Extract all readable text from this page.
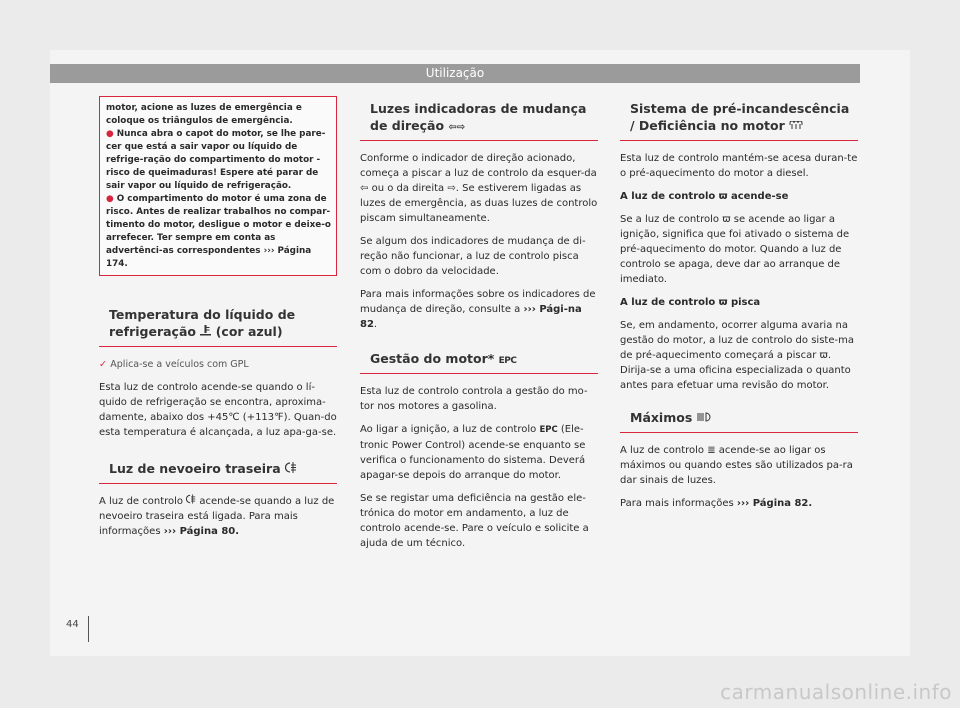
Utilização
motor, acione as luzes de emergência e coloque os triângulos de emergência.
● Nunca abra o capot do motor, se lhe pare-cer que está a sair vapor ou líquido de refrige-ração do compartimento do motor - risco de queimaduras! Espere até parar de sair vapor ou líquido de refrigeração.
● O compartimento do motor é uma zona de risco. Antes de realizar trabalhos no compar-timento do motor, desligue o motor e deixe-o arrefecer. Ter sempre em conta as advertênci-as correspondentes ››› Página 174.
Temperatura do líquido de refrigeração (cor azul)

✓ Aplica-se a veículos com GPL

Esta luz de controlo acende-se quando o lí-quido de refrigeração se encontra, aproxima-damente, abaixo dos +45℃ (+113℉). Quan-do esta temperatura é alcançada, a luz apa-ga-se.

Luz de nevoeiro traseira

A luz de controlo acende-se quando a luz de nevoeiro traseira está ligada. Para mais informações ››› Página 80.

Luzes indicadoras de mudança de direção ⇦⇨

Conforme o indicador de direção acionado, começa a piscar a luz de controlo da esquer-da ⇦ ou o da direita ⇨. Se estiverem ligadas as luzes de emergência, as duas luzes de controlo piscam simultaneamente.

Se algum dos indicadores de mudança de di-reção não funcionar, a luz de controlo pisca com o dobro da velocidade.

Para mais informações sobre os indicadores de mudança de direção, consulte a ››› Pági-na 82.

Gestão do motor* EPC

Esta luz de controlo controla a gestão do mo-tor nos motores a gasolina.

Ao ligar a ignição, a luz de controlo EPC (Ele-tronic Power Control) acende-se enquanto se verifica o funcionamento do sistema. Deverá apagar-se depois do arranque do motor.

Se se registar uma deficiência na gestão ele-trónica do motor em andamento, a luz de controlo acende-se. Pare o veículo e solicite a ajuda de um técnico.

Sistema de pré-incandescência / Deficiência no motor

Esta luz de controlo mantém-se acesa duran-te o pré-aquecimento do motor a diesel.

A luz de controlo ϖ acende-se

Se a luz de controlo ϖ se acende ao ligar a ignição, significa que foi ativado o sistema de pré-aquecimento do motor. Quando a luz de controlo se apaga, deve dar ao arranque de imediato.

A luz de controlo ϖ pisca

Se, em andamento, ocorrer alguma avaria na gestão do motor, a luz de controlo do siste-ma de pré-aquecimento começará a piscar ϖ. Dirija-se a uma oficina especializada o quanto antes para efetuar uma revisão do motor.

Máximos

A luz de controlo ≣ acende-se ao ligar os máximos ou quando estes são utilizados pa-ra dar sinais de luzes.

Para mais informações ››› Página 82.

44
carmanualsonline.info
